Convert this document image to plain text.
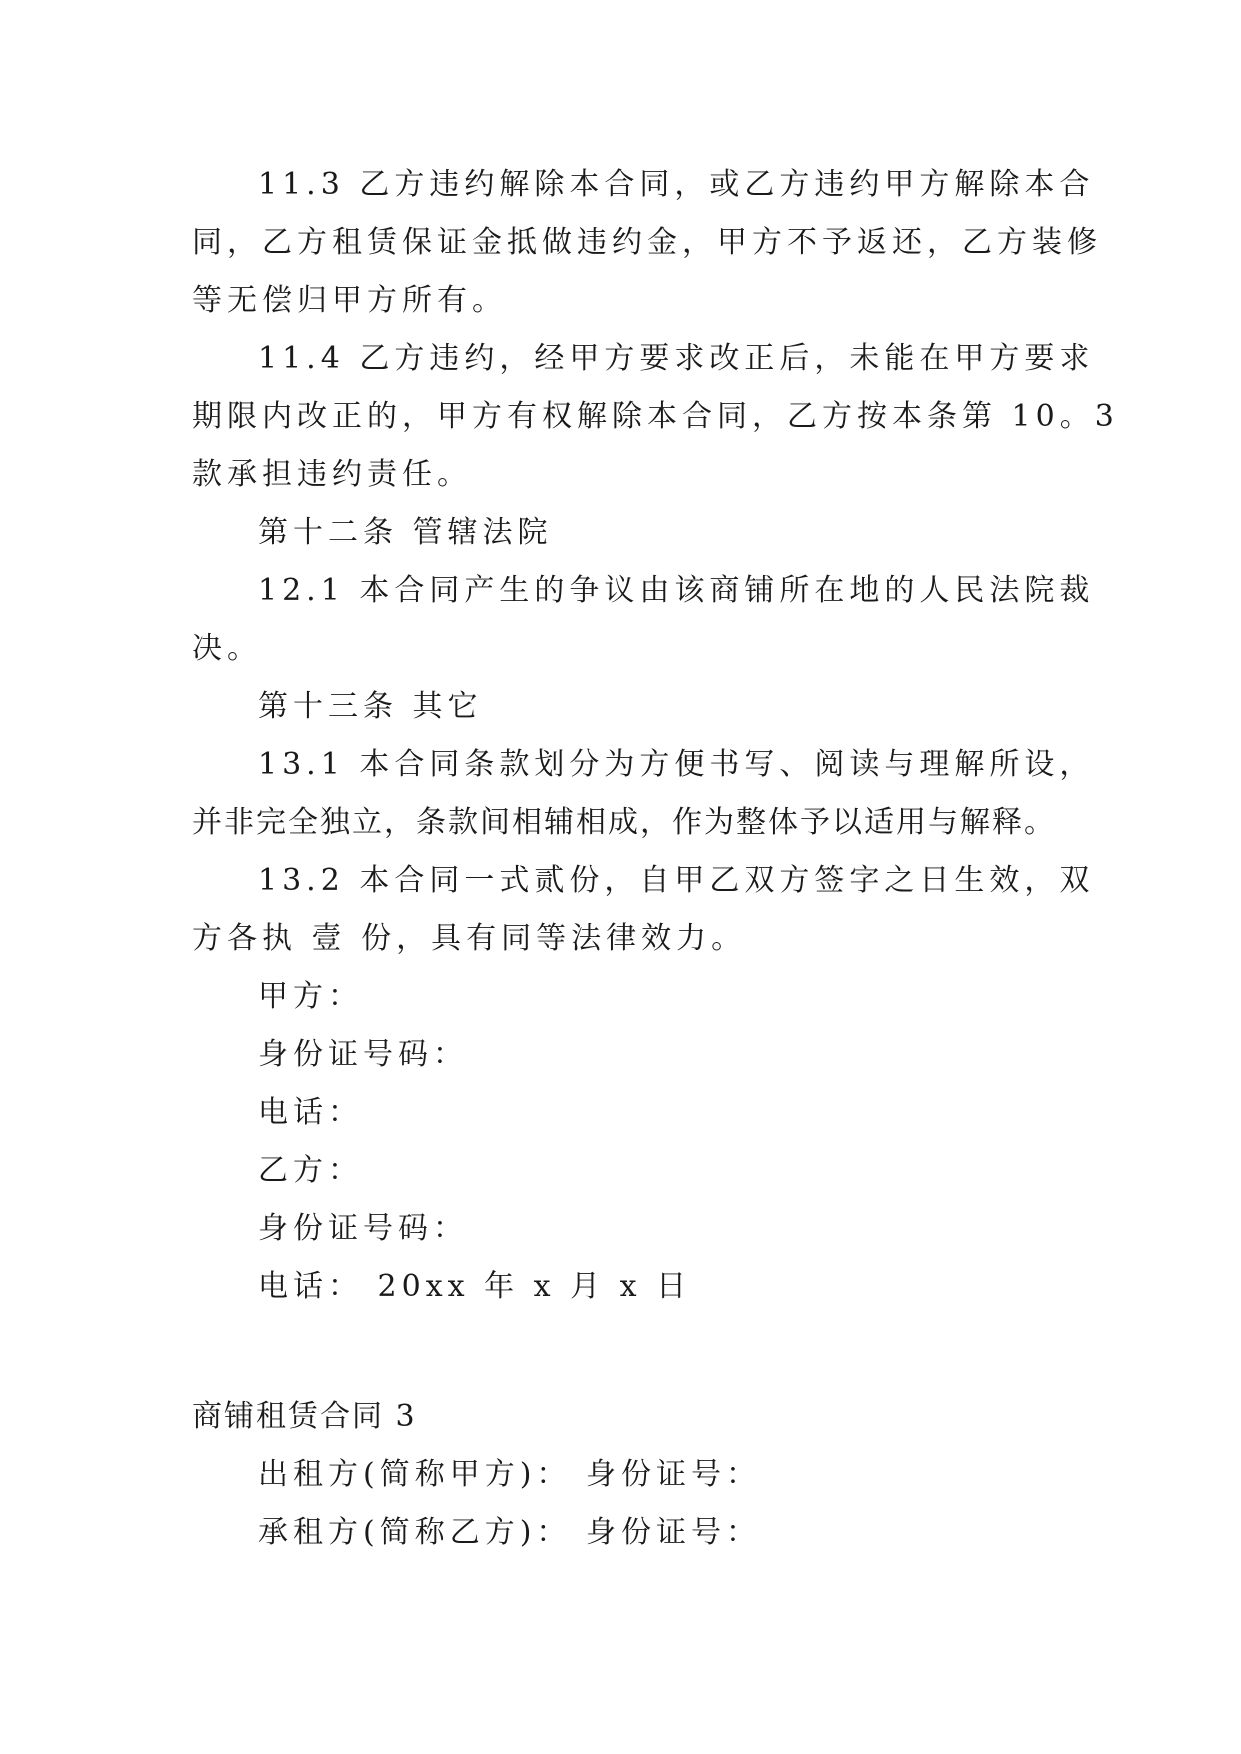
11.3 乙方违约解除本合同，或乙方违约甲方解除本合
同，乙方租赁保证金抵做违约金，甲方不予返还，乙方装修
等无偿归甲方所有。
11.4 乙方违约，经甲方要求改正后，未能在甲方要求
期限内改正的，甲方有权解除本合同，乙方按本条第 10。3
款承担违约责任。
第十二条 管辖法院
12.1 本合同产生的争议由该商铺所在地的人民法院裁
决。
第十三条 其它
13.1 本合同条款划分为方便书写、阅读与理解所设，
并非完全独立，条款间相辅相成，作为整体予以适用与解释。
13.2 本合同一式贰份，自甲乙双方签字之日生效，双
方各执 壹 份，具有同等法律效力。
甲方：
身份证号码：
电话：
乙方：
身份证号码：
电话： 20xx 年 x 月 x 日
商铺租赁合同 3
出租方(简称甲方)： 身份证号：
承租方(简称乙方)： 身份证号：
